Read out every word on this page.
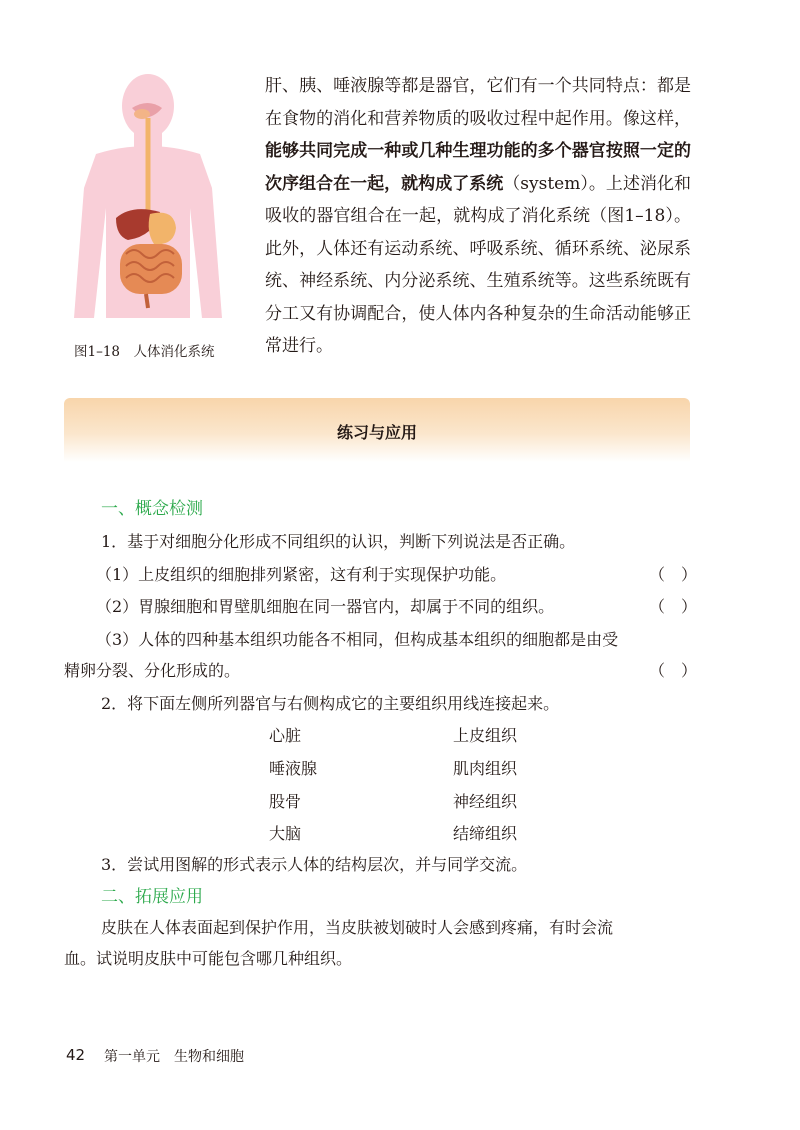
图1–18　人体消化系统
肝、胰、唾液腺等都是器官，它们有一个共同特点：都是在食物的消化和营养物质的吸收过程中起作用。像这样，能够共同完成一种或几种生理功能的多个器官按照一定的次序组合在一起，就构成了系统（system）。上述消化和吸收的器官组合在一起，就构成了消化系统（图1–18）。此外，人体还有运动系统、呼吸系统、循环系统、泌尿系统、神经系统、内分泌系统、生殖系统等。这些系统既有分工又有协调配合，使人体内各种复杂的生命活动能够正常进行。
练习与应用
一、概念检测
1．基于对细胞分化形成不同组织的认识，判断下列说法是否正确。
（1）上皮组织的细胞排列紧密，这有利于实现保护功能。	（　）
（2）胃腺细胞和胃壁肌细胞在同一器官内，却属于不同的组织。	（　）
（3）人体的四种基本组织功能各不相同，但构成基本组织的细胞都是由受
精卵分裂、分化形成的。	（　）
2．将下面左侧所列器官与右侧构成它的主要组织用线连接起来。
心脏	上皮组织
唾液腺	肌肉组织
股骨	神经组织
大脑	结缔组织
3．尝试用图解的形式表示人体的结构层次，并与同学交流。
二、拓展应用
皮肤在人体表面起到保护作用，当皮肤被划破时人会感到疼痛，有时会流
血。试说明皮肤中可能包含哪几种组织。
42 第一单元　生物和细胞
